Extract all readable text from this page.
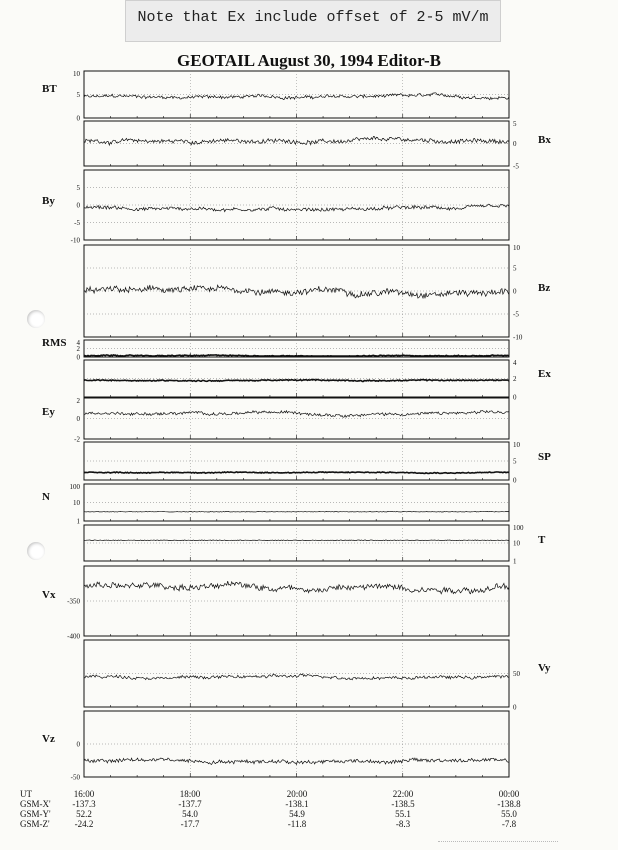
Note that Ex include offset of 2-5 mV/m
GEOTAIL August 30, 1994 Editor-B
10
5
0
BT
5
0
-5
Bx
5
0
-5
-10
By
10
5
0
-5
-10
Bz
4
2
0
RMS
4
2
0
Ex
2
0
-2
Ey
10
5
0
SP
100
10
1
N
100
10
1
T
-350
-400
Vx
50
0
Vy
0
-50
Vz
UT	16:00	18:00	20:00	22:00	00:00
GSM-X' -137.3	-137.7	-138.1	-138.5	-138.8
GSM-Y'	52.2	54.0	54.9	55.1	55.0
GSM-Z'	-24.2	-17.7	-11.8	-8.3	-7.8
